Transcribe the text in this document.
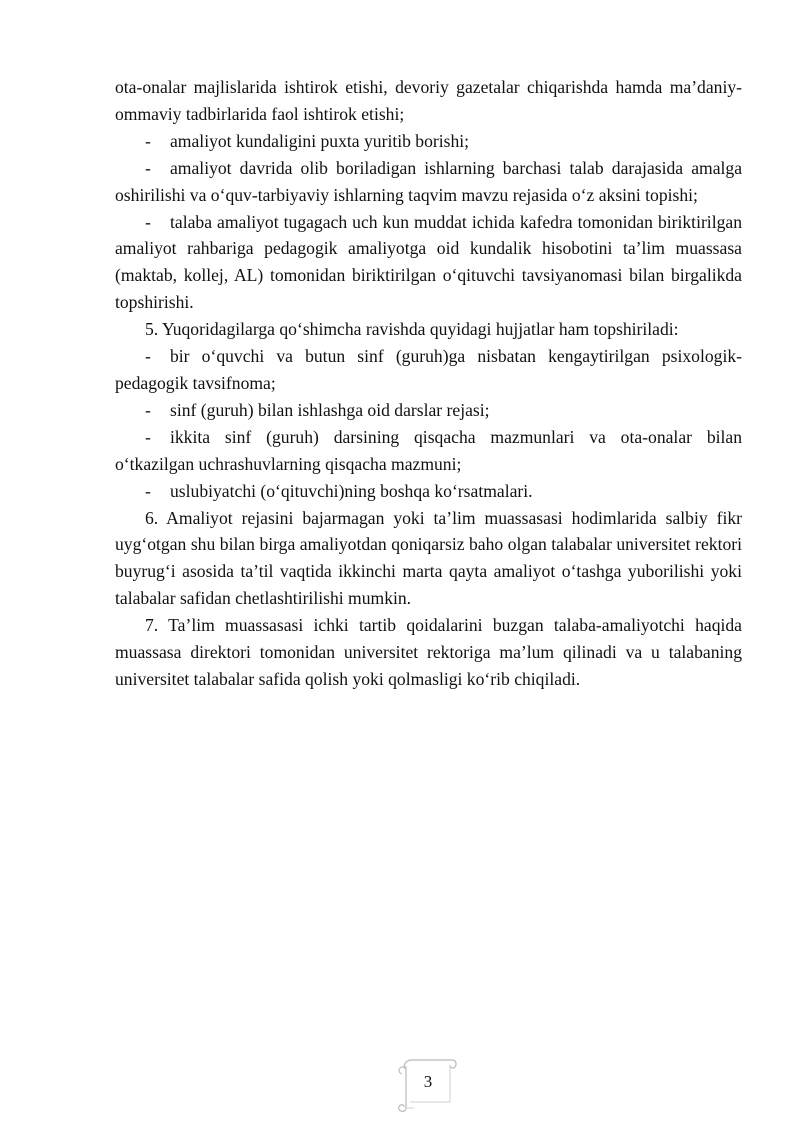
ota-onalar majlislarida ishtirok etishi, devoriy gazetalar chiqarishda hamda ma’daniy-ommaviy tadbirlarida faol ishtirok etishi;

- amaliyot kundaligini puxta yuritib borishi;

- amaliyot davrida olib boriladigan ishlarning barchasi talab darajasida amalga oshirilishi va o‘quv-tarbiyaviy ishlarning taqvim mavzu rejasida o‘z aksini topishi;

- talaba amaliyot tugagach uch kun muddat ichida kafedra tomonidan biriktirilgan amaliyot rahbariga pedagogik amaliyotga oid kundalik hisobotini ta’lim muassasa (maktab, kollej, AL) tomonidan biriktirilgan o‘qituvchi tavsiyanomasi bilan birgalikda topshirishi.

5. Yuqoridagilarga qo‘shimcha ravishda quyidagi hujjatlar ham topshiriladi:

- bir o‘quvchi va butun sinf (guruh)ga nisbatan kengaytirilgan psixologik-pedagogik tavsifnoma;

- sinf (guruh) bilan ishlashga oid darslar rejasi;

- ikkita sinf (guruh) darsining qisqacha mazmunlari va ota-onalar bilan o‘tkazilgan uchrashuvlarning qisqacha mazmuni;

- uslubiyatchi (o‘qituvchi)ning boshqa ko‘rsatmalari.

6. Amaliyot rejasini bajarmagan yoki ta’lim muassasasi hodimlarida salbiy fikr uyg‘otgan shu bilan birga amaliyotdan qoniqarsiz baho olgan talabalar universitet rektori buyrug‘i asosida ta’til vaqtida ikkinchi marta qayta amaliyot o‘tashga yuborilishi yoki talabalar safidan chetlashtirilishi mumkin.

7. Ta’lim muassasasi ichki tartib qoidalarini buzgan talaba-amaliyotchi haqida muassasa direktori tomonidan universitet rektoriga ma’lum qilinadi va u talabaning universitet talabalar safida qolish yoki qolmasligi ko‘rib chiqiladi.

3
